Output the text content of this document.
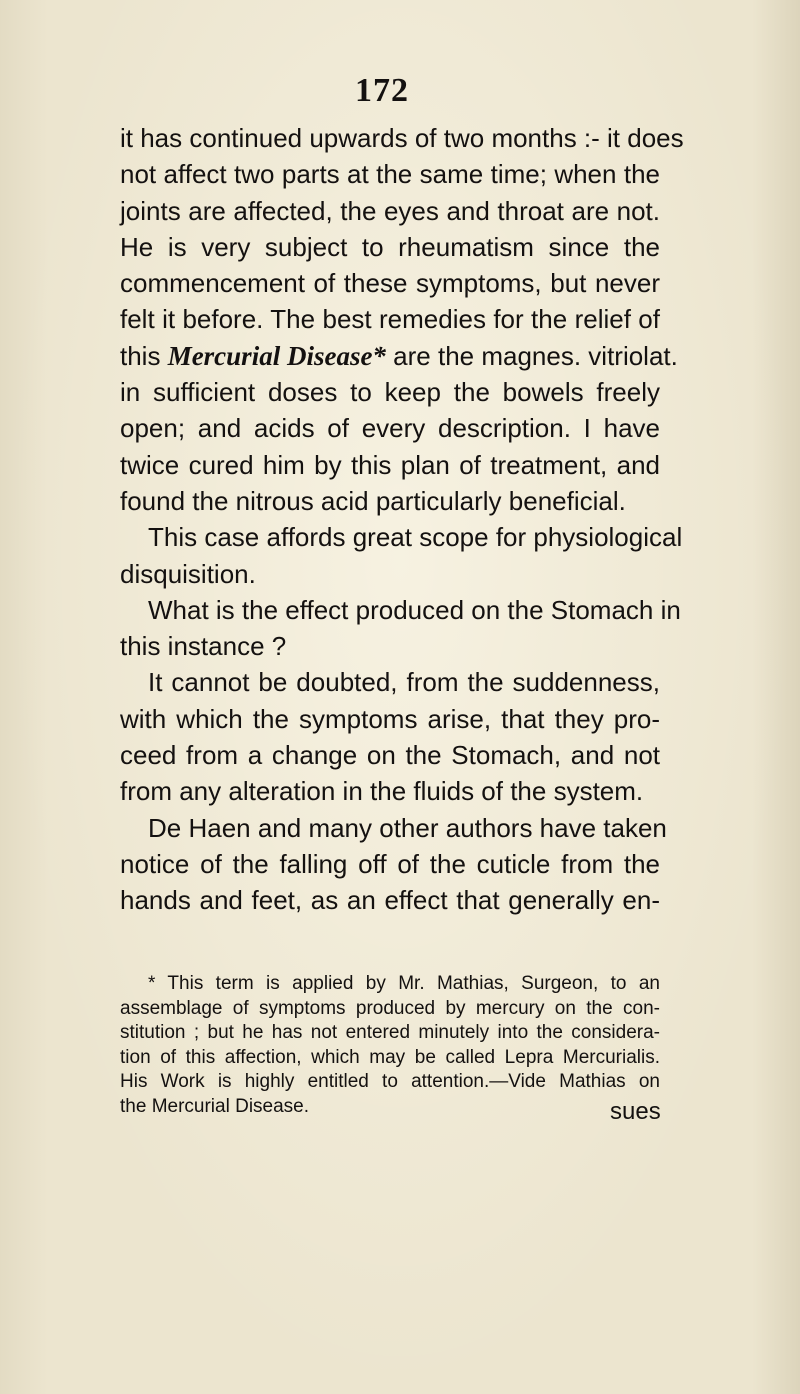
172
it has continued upwards of two months :- it does
not affect two parts at the same time; when the
joints are affected, the eyes and throat are not.
He is very subject to rheumatism since the
commencement of these symptoms, but never
felt it before. The best remedies for the relief of
this Mercurial Disease* are the magnes. vitriolat.
in sufficient doses to keep the bowels freely
open; and acids of every description. I have
twice cured him by this plan of treatment, and
found the nitrous acid particularly beneficial.
This case affords great scope for physiological
disquisition.
What is the effect produced on the Stomach in
this instance ?
It cannot be doubted, from the suddenness,
with which the symptoms arise, that they pro-
ceed from a change on the Stomach, and not
from any alteration in the fluids of the system.
De Haen and many other authors have taken
notice of the falling off of the cuticle from the
hands and feet, as an effect that generally en-
* This term is applied by Mr. Mathias, Surgeon, to an
assemblage of symptoms produced by mercury on the con-
stitution ; but he has not entered minutely into the considera-
tion of this affection, which may be called Lepra Mercurialis.
His Work is highly entitled to attention.—Vide Mathias on
the Mercurial Disease.	sues
